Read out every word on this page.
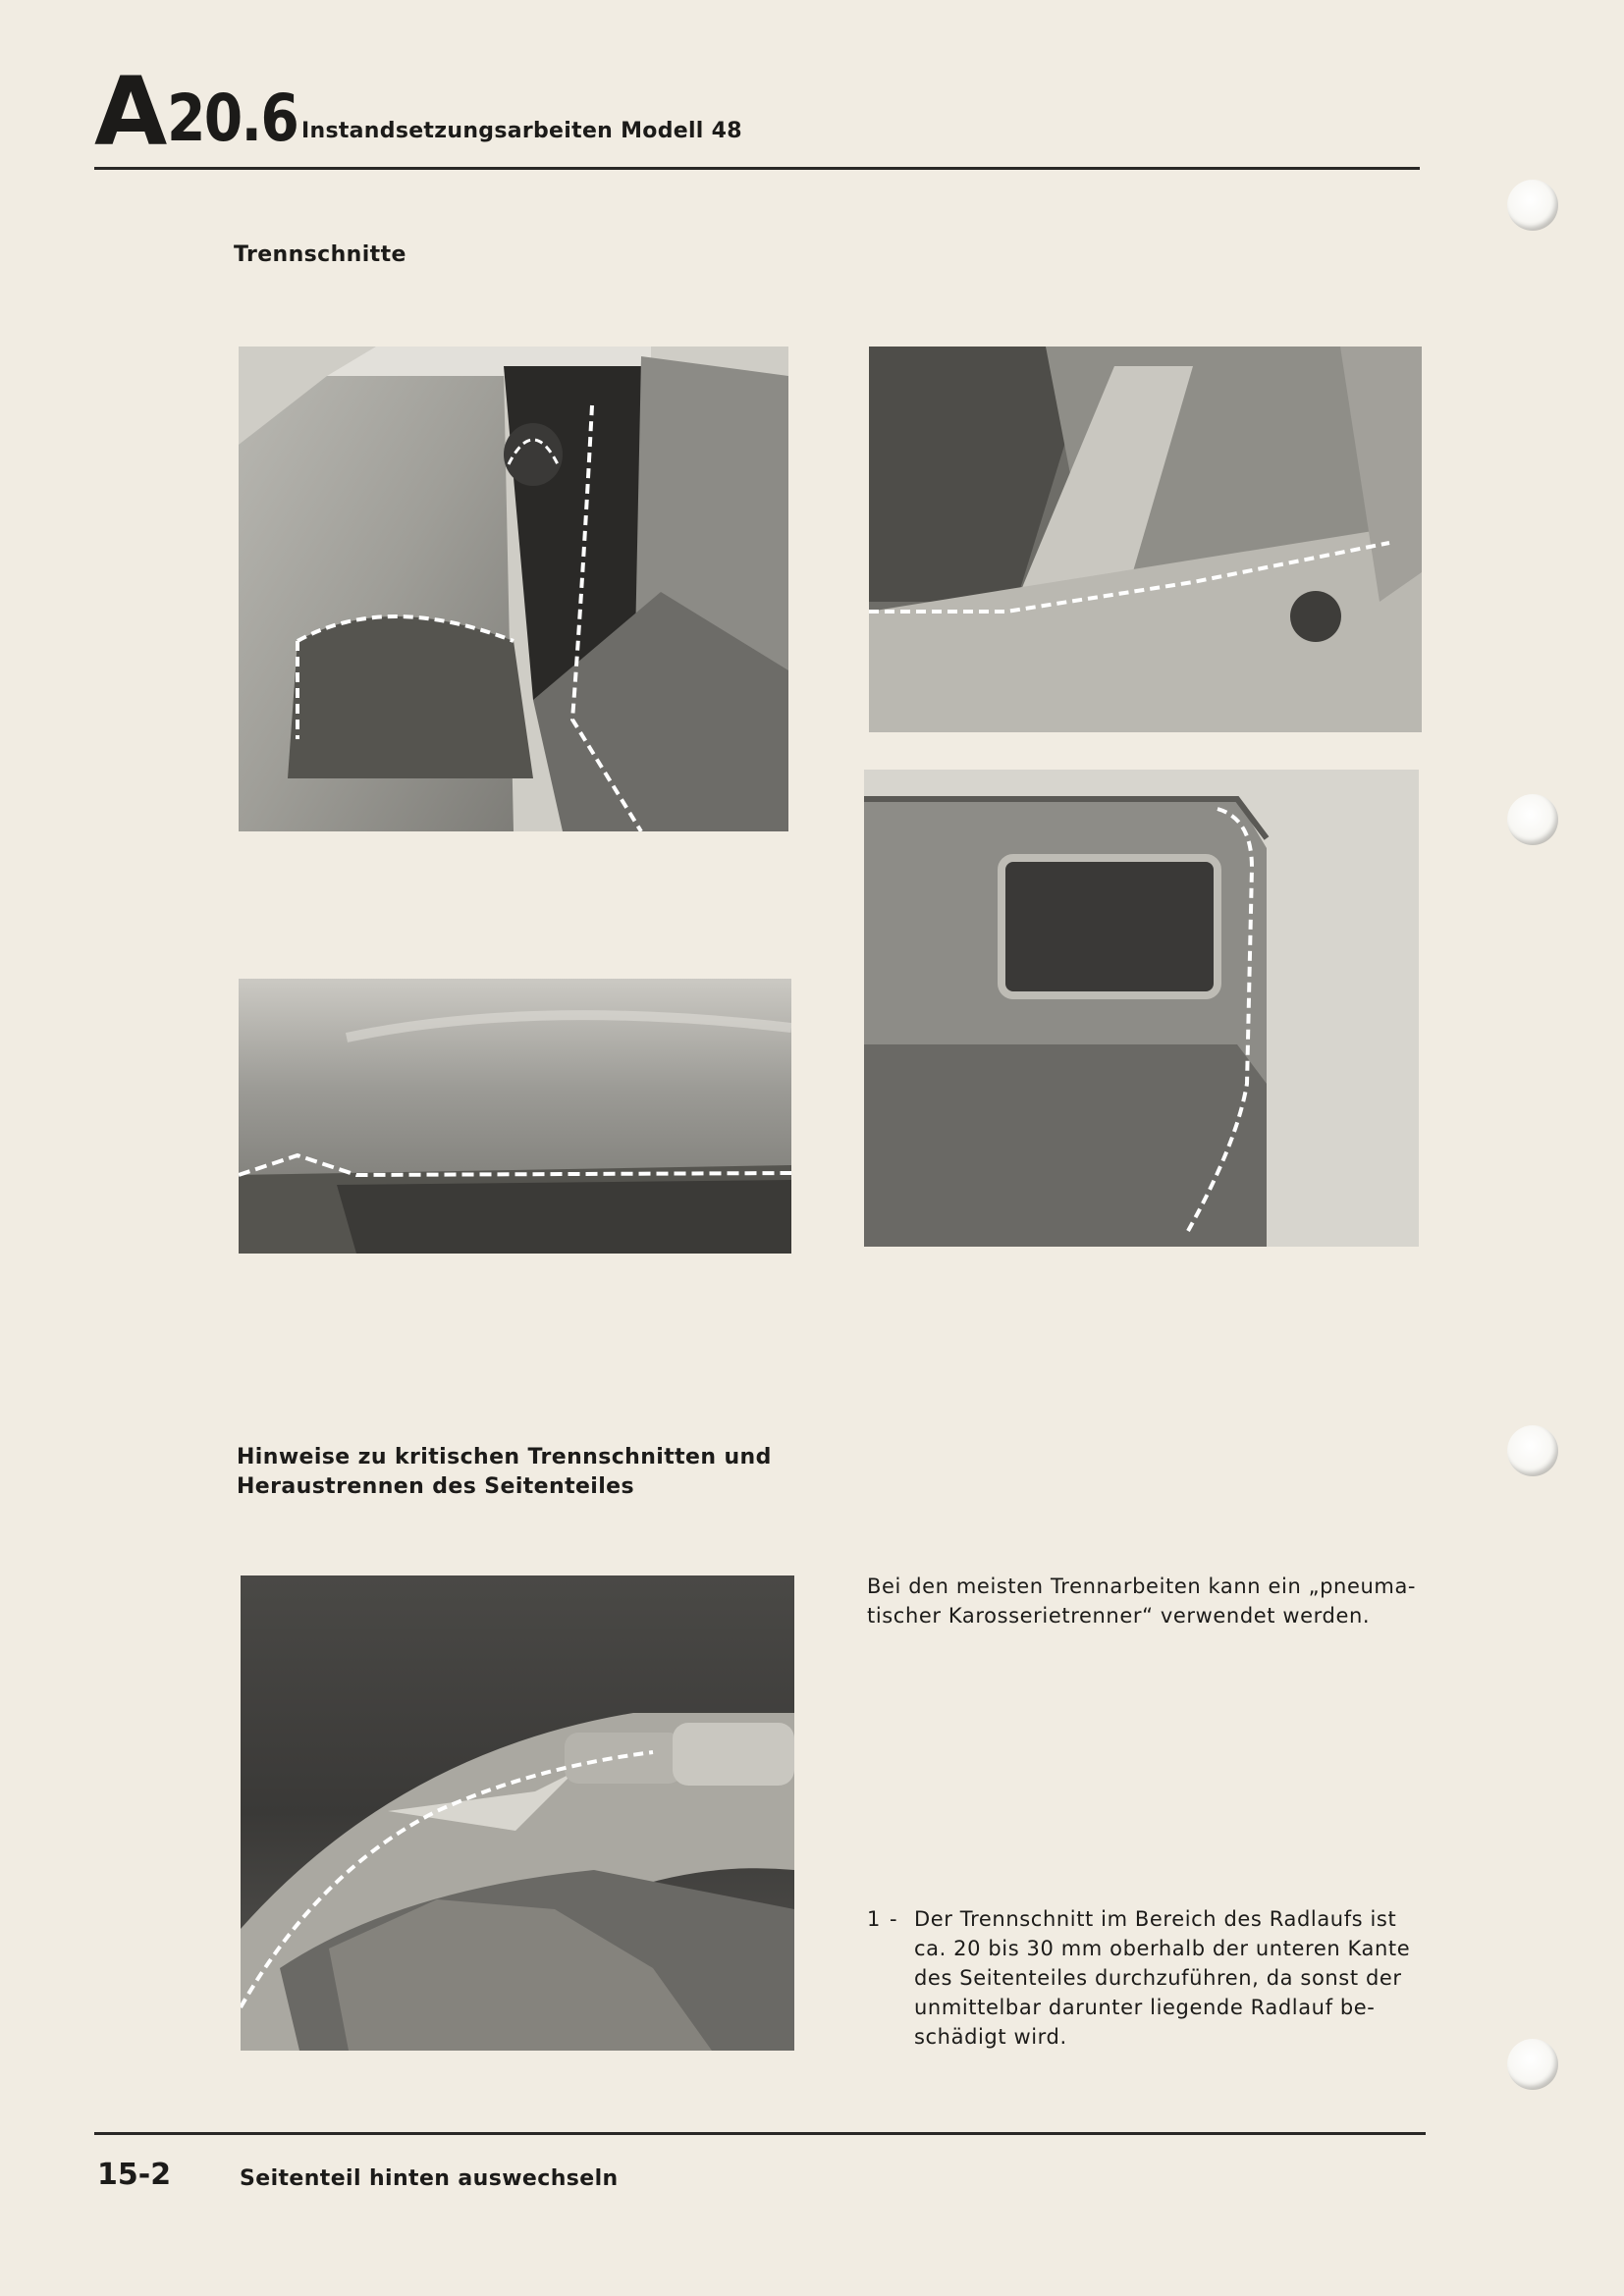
A 20.6 Instandsetzungsarbeiten Modell 48
Trennschnitte
Hinweise zu kritischen Trennschnitten und
Heraustrennen des Seitenteiles
Bei den meisten Trennarbeiten kann ein „pneuma-
tischer Karosserietrenner“ verwendet werden.
1 - Der Trennschnitt im Bereich des Radlaufs ist
ca. 20 bis 30 mm oberhalb der unteren Kante
des Seitenteiles durchzuführen, da sonst der
unmittelbar darunter liegende Radlauf be-
schädigt wird.
15-2	Seitenteil hinten auswechseln
